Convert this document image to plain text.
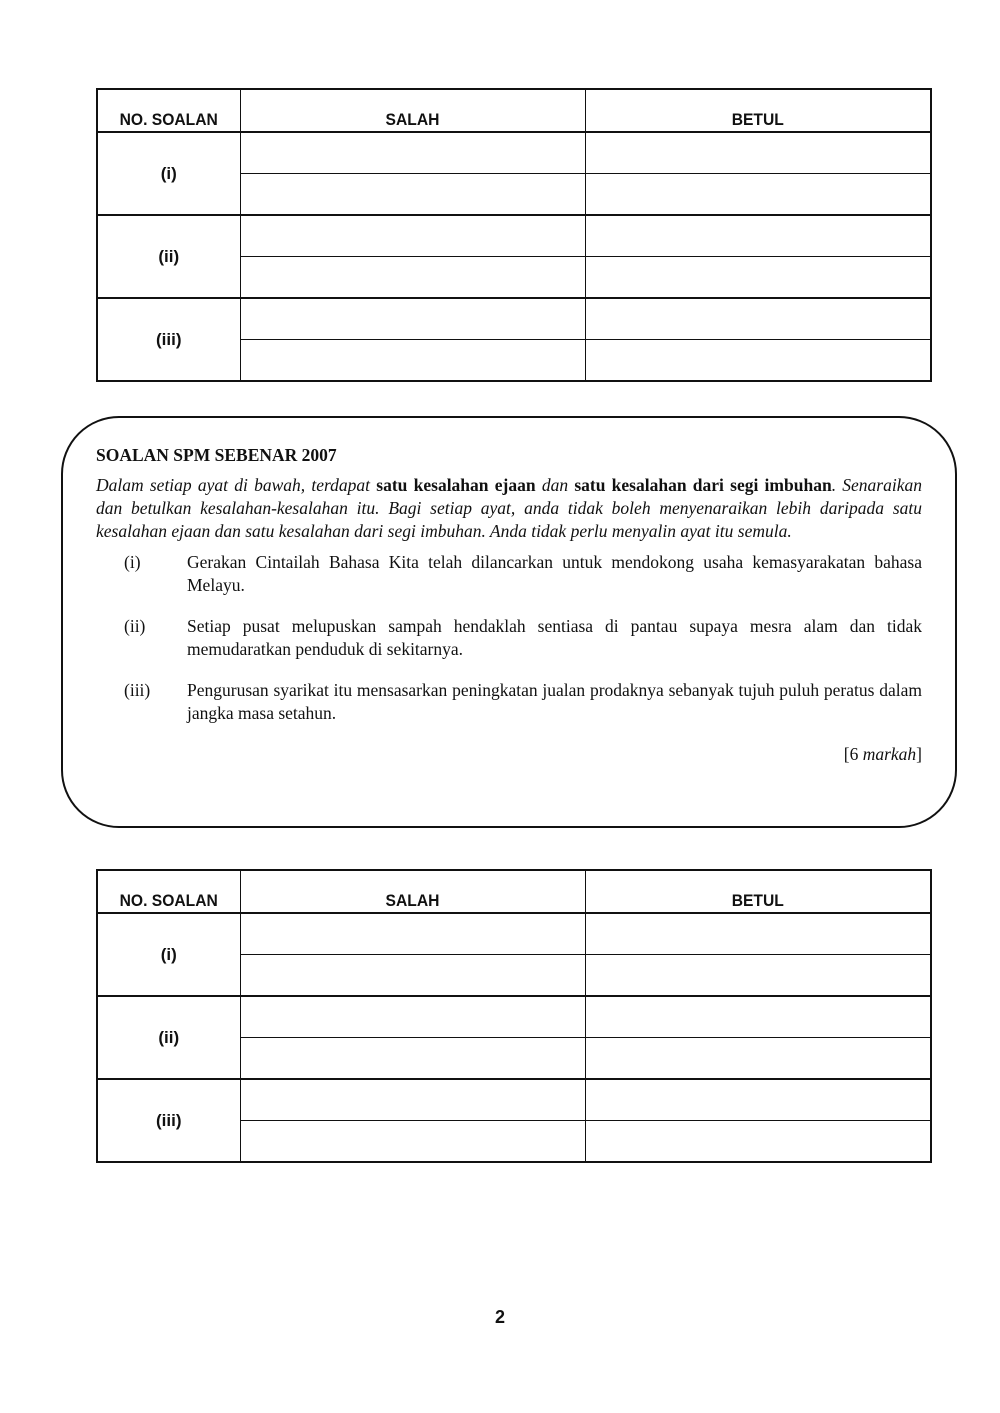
NO. SOALAN	SALAH	BETUL
(i)		

(ii)		

(iii)		

SOALAN SPM SEBENAR 2007

Dalam setiap ayat di bawah, terdapat satu kesalahan ejaan dan satu kesalahan dari segi imbuhan. Senaraikan dan betulkan kesalahan-kesalahan itu. Bagi setiap ayat, anda tidak boleh menyenaraikan lebih daripada satu kesalahan ejaan dan satu kesalahan dari segi imbuhan. Anda tidak perlu menyalin ayat itu semula.

(i)	Gerakan Cintailah Bahasa Kita telah dilancarkan untuk mendokong usaha kemasyarakatan bahasa Melayu.
(ii)	Setiap pusat melupuskan sampah hendaklah sentiasa di pantau supaya mesra alam dan tidak memudaratkan penduduk di sekitarnya.
(iii)	Pengurusan syarikat itu mensasarkan peningkatan jualan prodaknya sebanyak tujuh puluh peratus dalam jangka masa setahun.
[6 markah]
NO. SOALAN	SALAH	BETUL
(i)		

(ii)		

(iii)		

2
